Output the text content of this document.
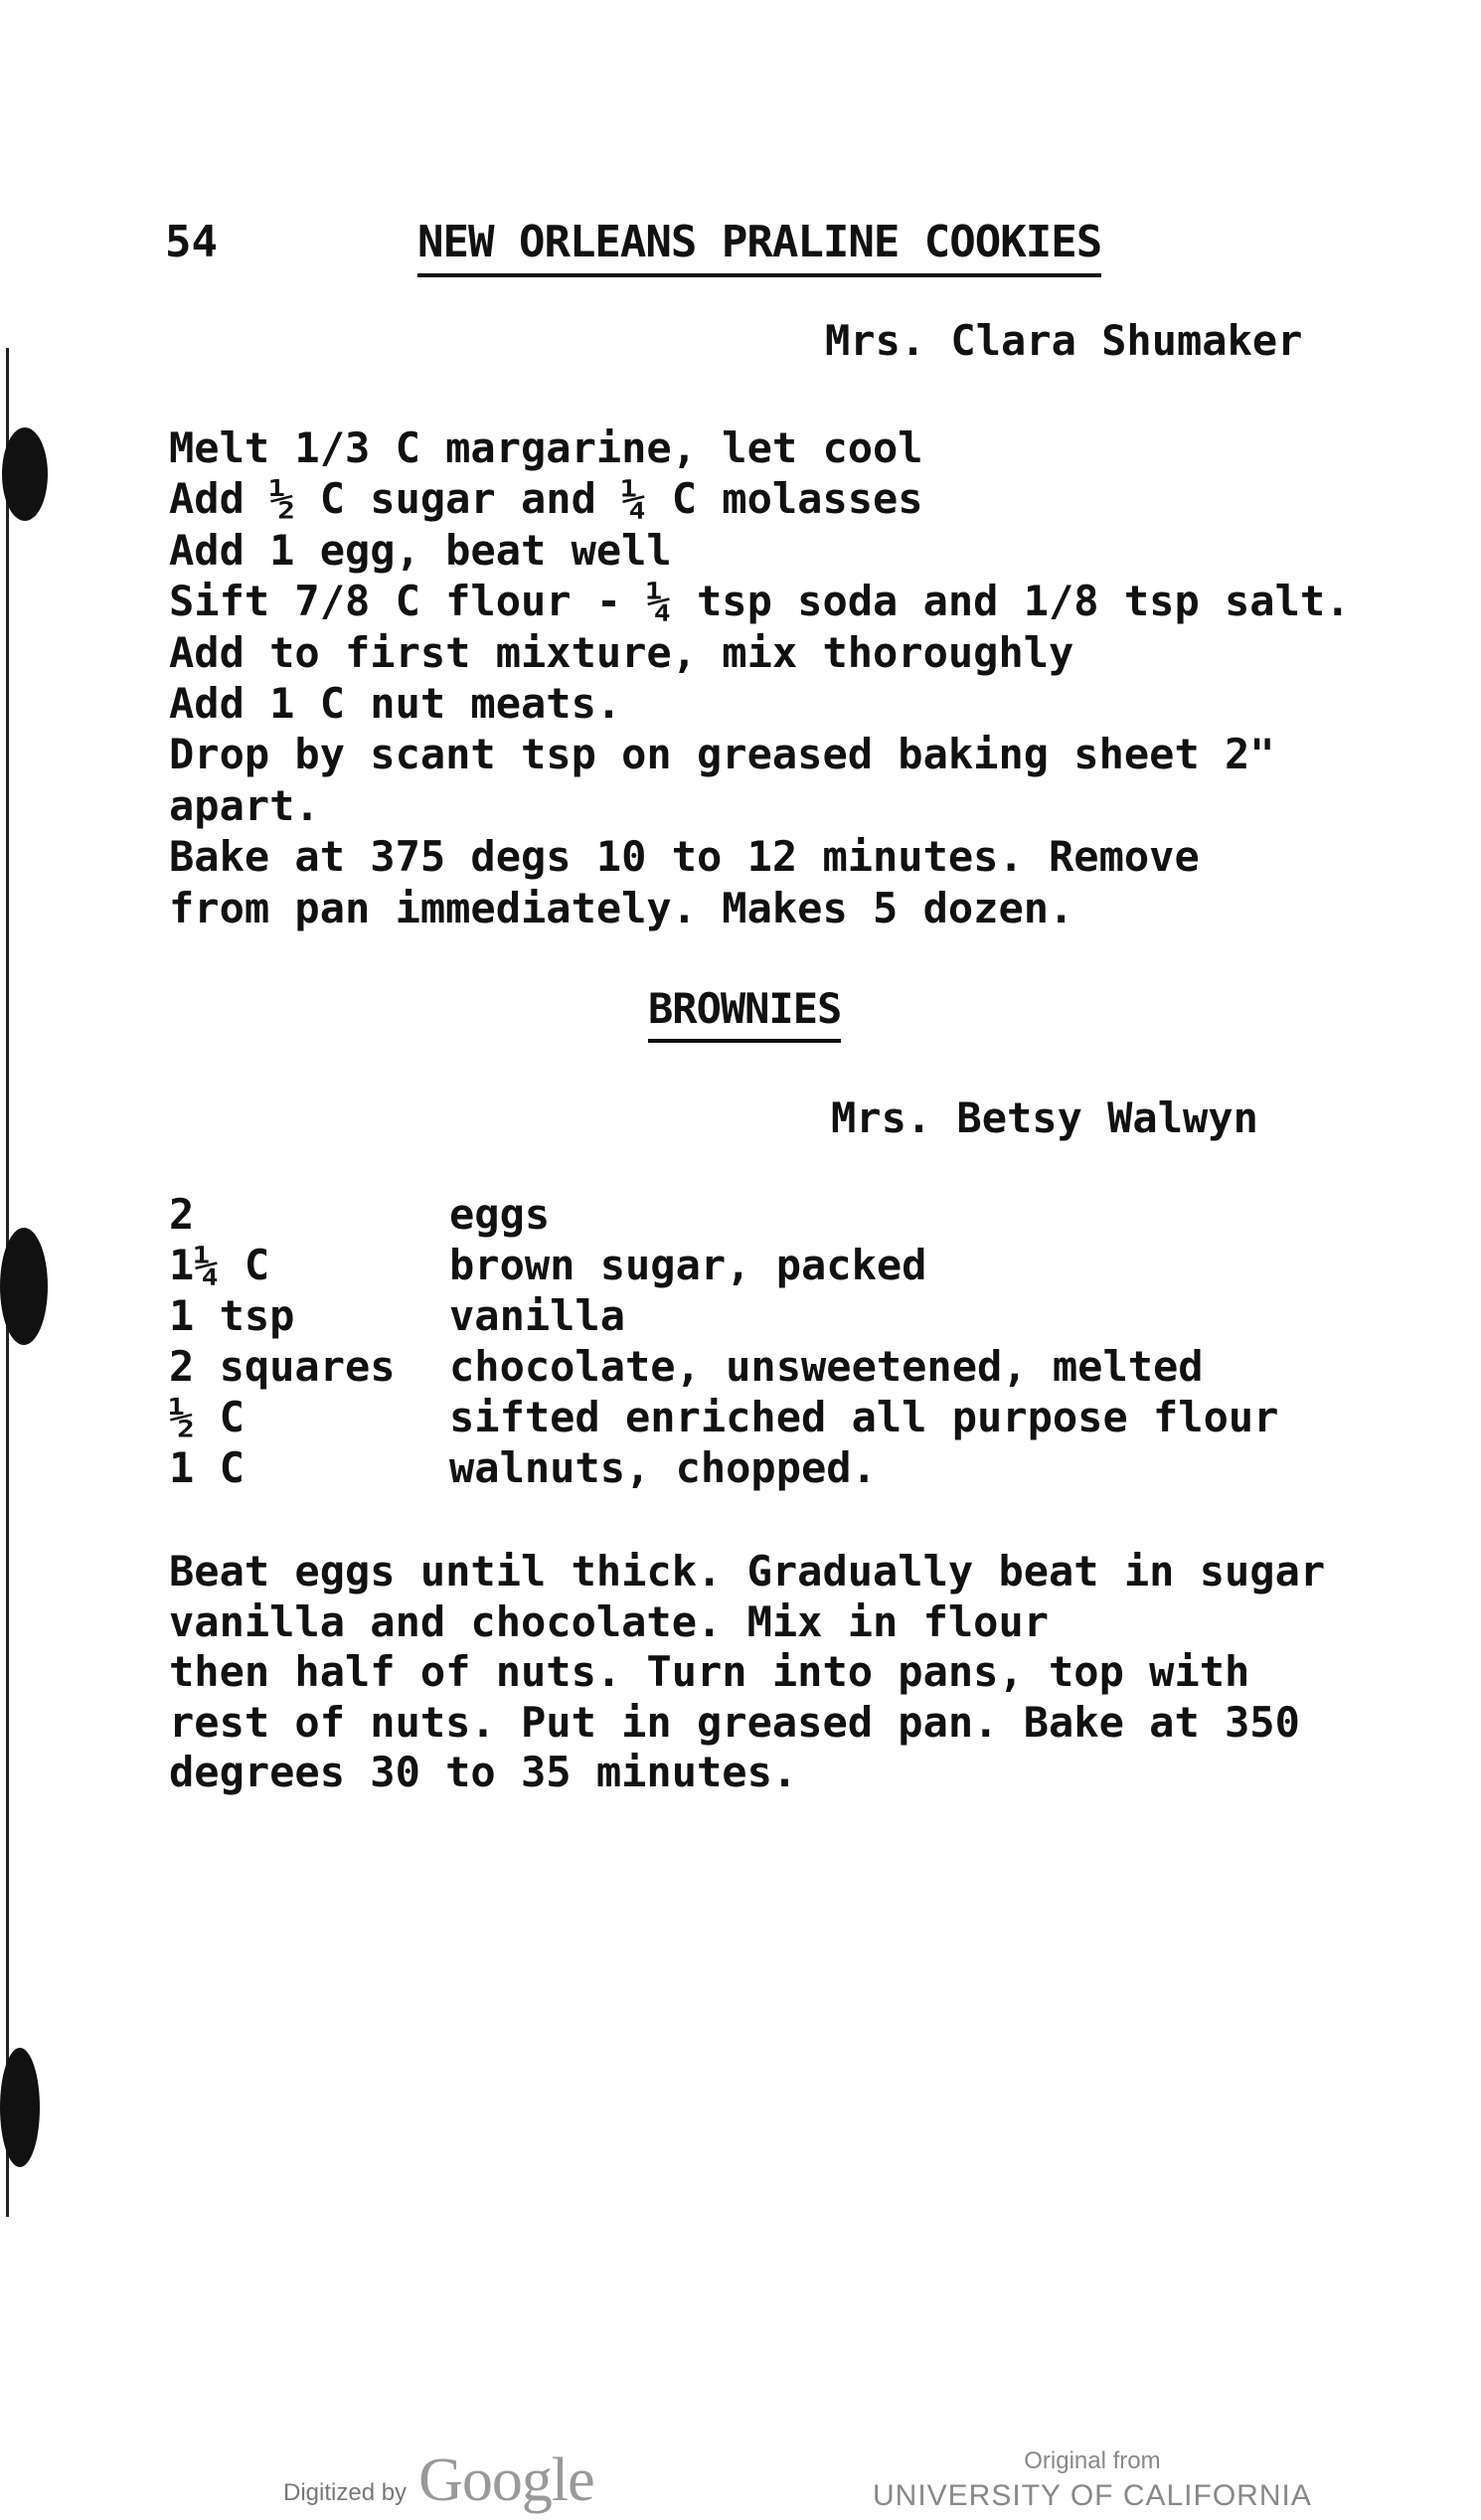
54	NEW ORLEANS PRALINE COOKIES
Mrs. Clara Shumaker
Melt 1/3 C margarine, let cool
Add ½ C sugar and ¼ C molasses
Add 1 egg, beat well
Sift 7/8 C flour - ¼ tsp soda and 1/8 tsp salt.
Add to first mixture, mix thoroughly
Add 1 C nut meats.
Drop by scant tsp on greased baking sheet 2"
apart.
Bake at 375 degs 10 to 12 minutes. Remove
from pan immediately. Makes 5 dozen.
BROWNIES
Mrs. Betsy Walwyn
2	eggs
1¼ C	brown sugar, packed
1 tsp	vanilla
2 squares	chocolate, unsweetened, melted
½ C	sifted enriched all purpose flour
1 C	walnuts, chopped.
Beat eggs until thick. Gradually beat in sugar
vanilla and chocolate. Mix in flour
then half of nuts. Turn into pans, top with
rest of nuts. Put in greased pan. Bake at 350
degrees 30 to 35 minutes.
Digitized by Google	Original from
UNIVERSITY OF CALIFORNIA
